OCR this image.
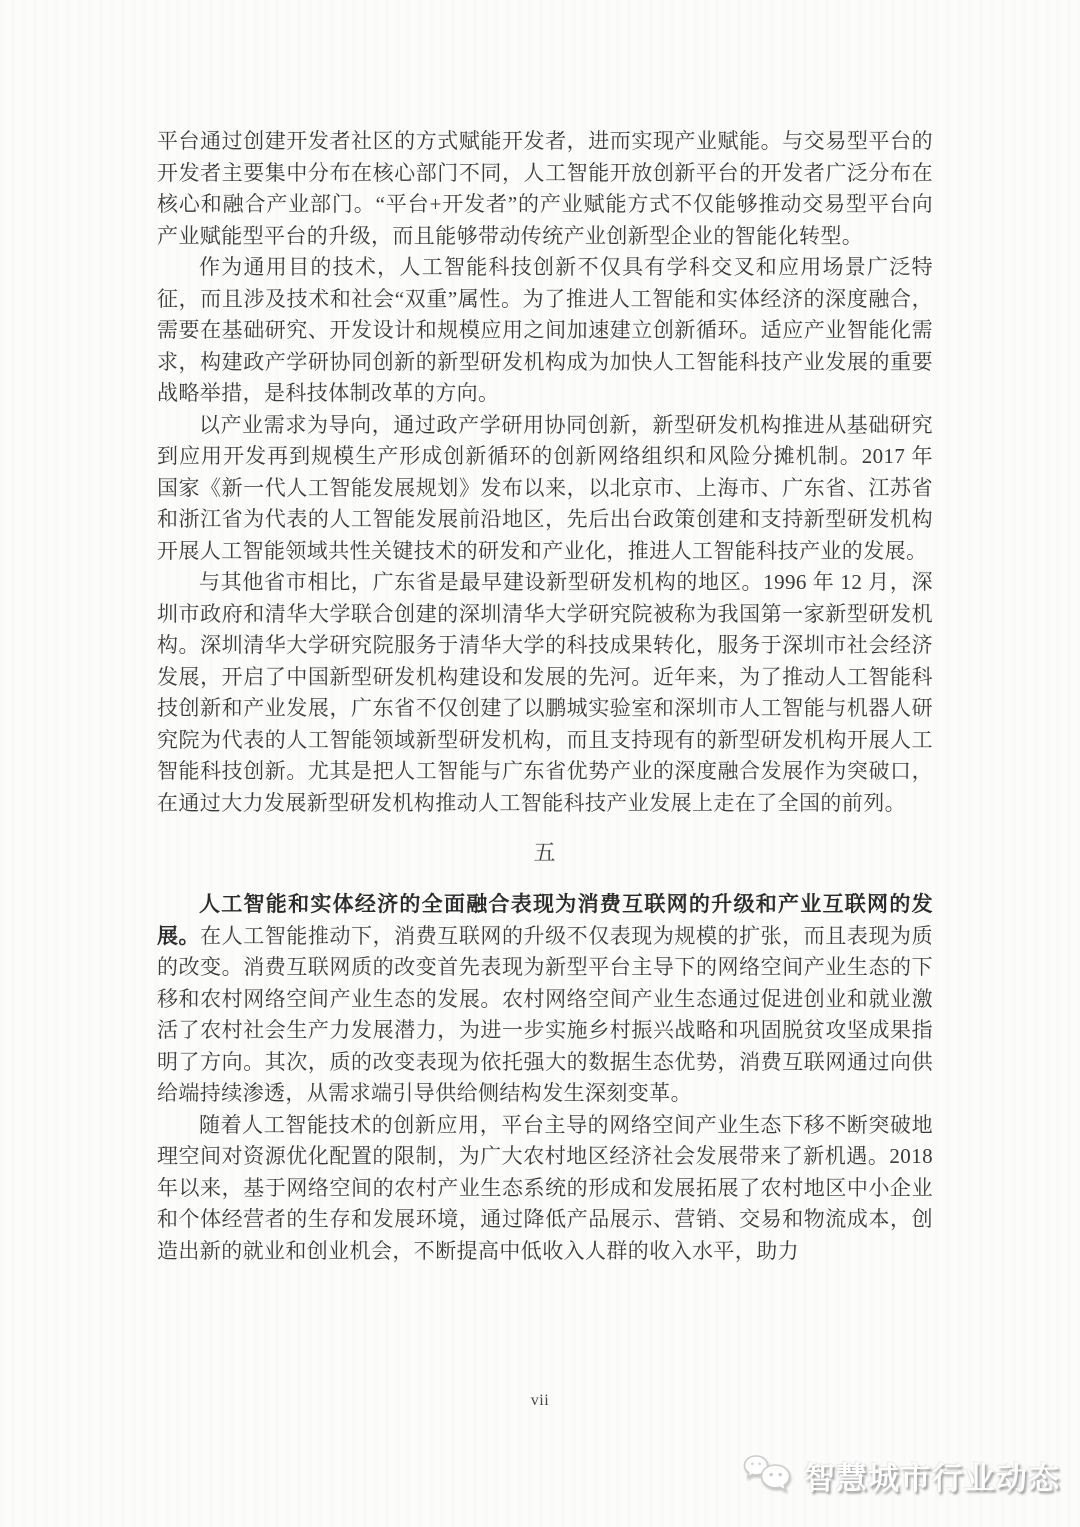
平台通过创建开发者社区的方式赋能开发者，进而实现产业赋能。与交易型平台的开发者主要集中分布在核心部门不同，人工智能开放创新平台的开发者广泛分布在核心和融合产业部门。“平台+开发者”的产业赋能方式不仅能够推动交易型平台向产业赋能型平台的升级，而且能够带动传统产业创新型企业的智能化转型。

作为通用目的技术，人工智能科技创新不仅具有学科交叉和应用场景广泛特征，而且涉及技术和社会“双重”属性。为了推进人工智能和实体经济的深度融合，需要在基础研究、开发设计和规模应用之间加速建立创新循环。适应产业智能化需求，构建政产学研协同创新的新型研发机构成为加快人工智能科技产业发展的重要战略举措，是科技体制改革的方向。

以产业需求为导向，通过政产学研用协同创新，新型研发机构推进从基础研究到应用开发再到规模生产形成创新循环的创新网络组织和风险分摊机制。2017 年国家《新一代人工智能发展规划》发布以来，以北京市、上海市、广东省、江苏省和浙江省为代表的人工智能发展前沿地区，先后出台政策创建和支持新型研发机构开展人工智能领域共性关键技术的研发和产业化，推进人工智能科技产业的发展。

与其他省市相比，广东省是最早建设新型研发机构的地区。1996 年 12 月，深圳市政府和清华大学联合创建的深圳清华大学研究院被称为我国第一家新型研发机构。深圳清华大学研究院服务于清华大学的科技成果转化，服务于深圳市社会经济发展，开启了中国新型研发机构建设和发展的先河。近年来，为了推动人工智能科技创新和产业发展，广东省不仅创建了以鹏城实验室和深圳市人工智能与机器人研究院为代表的人工智能领域新型研发机构，而且支持现有的新型研发机构开展人工智能科技创新。尤其是把人工智能与广东省优势产业的深度融合发展作为突破口，在通过大力发展新型研发机构推动人工智能科技产业发展上走在了全国的前列。

五

人工智能和实体经济的全面融合表现为消费互联网的升级和产业互联网的发展。在人工智能推动下，消费互联网的升级不仅表现为规模的扩张，而且表现为质的改变。消费互联网质的改变首先表现为新型平台主导下的网络空间产业生态的下移和农村网络空间产业生态的发展。农村网络空间产业生态通过促进创业和就业激活了农村社会生产力发展潜力，为进一步实施乡村振兴战略和巩固脱贫攻坚成果指明了方向。其次，质的改变表现为依托强大的数据生态优势，消费互联网通过向供给端持续渗透，从需求端引导供给侧结构发生深刻变革。

随着人工智能技术的创新应用，平台主导的网络空间产业生态下移不断突破地理空间对资源优化配置的限制，为广大农村地区经济社会发展带来了新机遇。2018 年以来，基于网络空间的农村产业生态系统的形成和发展拓展了农村地区中小企业和个体经营者的生存和发展环境，通过降低产品展示、营销、交易和物流成本，创造出新的就业和创业机会，不断提高中低收入人群的收入水平，助力

vii
智慧城市行业动态
